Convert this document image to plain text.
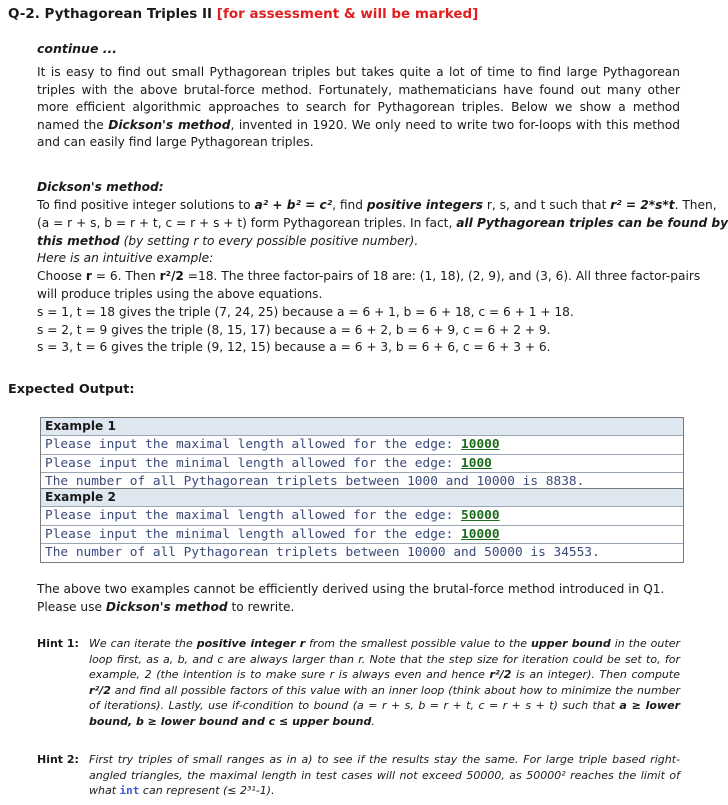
Q-2. Pythagorean Triples II [for assessment & will be marked]
continue ...
It is easy to find out small Pythagorean triples but takes quite a lot of time to find large Pythagorean triples with the above brutal-force method. Fortunately, mathematicians have found out many other more efficient algorithmic approaches to search for Pythagorean triples. Below we show a method named the Dickson's method, invented in 1920. We only need to write two for-loops with this method and can easily find large Pythagorean triples.
Dickson's method:
To find positive integer solutions to a² + b² = c², find positive integers r, s, and t such that r² = 2*s*t. Then,
(a = r + s, b = r + t, c = r + s + t) form Pythagorean triples. In fact, all Pythagorean triples can be found by
this method (by setting r to every possible positive number).
Here is an intuitive example:
Choose r = 6. Then r²/2 =18. The three factor-pairs of 18 are: (1, 18), (2, 9), and (3, 6). All three factor-pairs
will produce triples using the above equations.
s = 1, t = 18 gives the triple (7, 24, 25) because a = 6 + 1, b = 6 + 18, c = 6 + 1 + 18.
s = 2, t = 9 gives the triple (8, 15, 17) because a = 6 + 2, b = 6 + 9, c = 6 + 2 + 9.
s = 3, t = 6 gives the triple (9, 12, 15) because a = 6 + 3, b = 6 + 6, c = 6 + 3 + 6.
Expected Output:
Example 1
Please input the maximal length allowed for the edge: 10000
Please input the minimal length allowed for the edge: 1000
The number of all Pythagorean triplets between 1000 and 10000 is 8838.
Example 2
Please input the maximal length allowed for the edge: 50000
Please input the minimal length allowed for the edge: 10000
The number of all Pythagorean triplets between 10000 and 50000 is 34553.
The above two examples cannot be efficiently derived using the brutal-force method introduced in Q1.
Please use Dickson's method to rewrite.
Hint 1: We can iterate the positive integer r from the smallest possible value to the upper bound in the outer loop first, as a, b, and c are always larger than r. Note that the step size for iteration could be set to, for example, 2 (the intention is to make sure r is always even and hence r²/2 is an integer). Then compute r²/2 and find all possible factors of this value with an inner loop (think about how to minimize the number of iterations). Lastly, use if-condition to bound (a = r + s, b = r + t, c = r + s + t) such that a ≥ lower bound, b ≥ lower bound and c ≤ upper bound.
Hint 2: First try triples of small ranges as in a) to see if the results stay the same. For large triple based right-angled triangles, the maximal length in test cases will not exceed 50000, as 50000² reaches the limit of what int can represent (≤ 2³¹-1).
